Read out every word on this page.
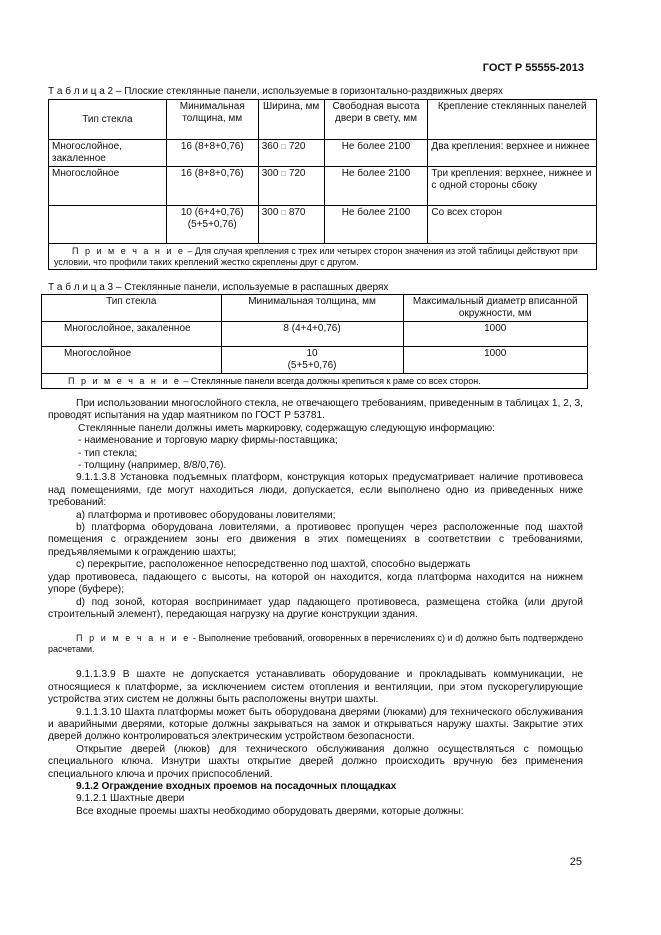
ГОСТ Р 55555-2013
Т а б л и ц а 2 – Плоские стеклянные панели, используемые в горизонтально-раздвижных дверях
Тип стекла	Минимальная толщина, мм	Ширина, мм	Свободная высота двери в свету, мм	Крепление стеклянных панелей
Многослойное, закаленное	16 (8+8+0,76)	360 □ 720	Не более 2100	Два крепления: верхнее и нижнее
Многослойное	16 (8+8+0,76)	300 □ 720	Не более 2100	Три крепления: верхнее, нижнее и с одной стороны сбоку
	10 (6+4+0,76) (5+5+0,76)	300 □ 870	Не более 2100	Со всех сторон
П р и м е ч а н и е – Для случая крепления с трех или четырех сторон значения из этой таблицы действуют при условии, что профили таких креплений жестко скреплены друг с другом.				
Т а б л и ц а 3 – Стеклянные панели, используемые в распашных дверях
Тип стекла	Минимальная толщина, мм	Максимальный диаметр вписанной окружности, мм
Многослойное, закаленное	8 (4+4+0,76)	1000
Многослойное	10 (5+5+0,76)	1000
П р и м е ч а н и е – Стеклянные панели всегда должны крепиться к раме со всех сторон.		

При использовании многослойного стекла, не отвечающего требованиям, приведенным в таблицах 1, 2, 3, проводят испытания на удар маятником по ГОСТ Р 53781.

Стеклянные панели должны иметь маркировку, содержащую следующую информацию:

- наименование и торговую марку фирмы-поставщика;

- тип стекла;

- толщину (например, 8/8/0,76).

9.1.1.3.8 Установка подъемных платформ, конструкция которых предусматривает наличие противовеса над помещениями, где могут находиться люди, допускается, если выполнено одно из приведенных ниже требований:

а) платформа и противовес оборудованы ловителями;

b) платформа оборудована ловителями, а противовес пропущен через расположенные под шахтой помещения с ограждением зоны его движения в этих помещениях в соответствии с требованиями, предъявляемыми к ограждению шахты;

c) перекрытие, расположенное непосредственно под шахтой, способно выдержать

удар противовеса, падающего с высоты, на которой он находится, когда платформа находится на нижнем упоре (буфере);

d) под зоной, которая воспринимает удар падающего противовеса, размещена стойка (или другой строительный элемент), передающая нагрузку на другие конструкции здания.

П р и м е ч а н и е - Выполнение требований, оговоренных в перечислениях c) и d) должно быть подтверждено расчетами.

9.1.1.3.9 В шахте не допускается устанавливать оборудование и прокладывать коммуникации, не относящиеся к платформе, за исключением систем отопления и вентиляции, при этом пускорегулирующие устройства этих систем не должны быть расположены внутри шахты.

9.1.1.3.10 Шахта платформы может быть оборудована дверями (люками) для технического обслуживания и аварийными дверями, которые должны закрываться на замок и открываться наружу шахты. Закрытие этих дверей должно контролироваться электрическим устройством безопасности.

Открытие дверей (люков) для технического обслуживания должно осуществляться с помощью специального ключа. Изнутри шахты открытие дверей должно происходить вручную без применения специального ключа и прочих приспособлений.

9.1.2 Ограждение входных проемов на посадочных площадках

9.1.2.1 Шахтные двери

Все входные проемы шахты необходимо оборудовать дверями, которые должны:

25
